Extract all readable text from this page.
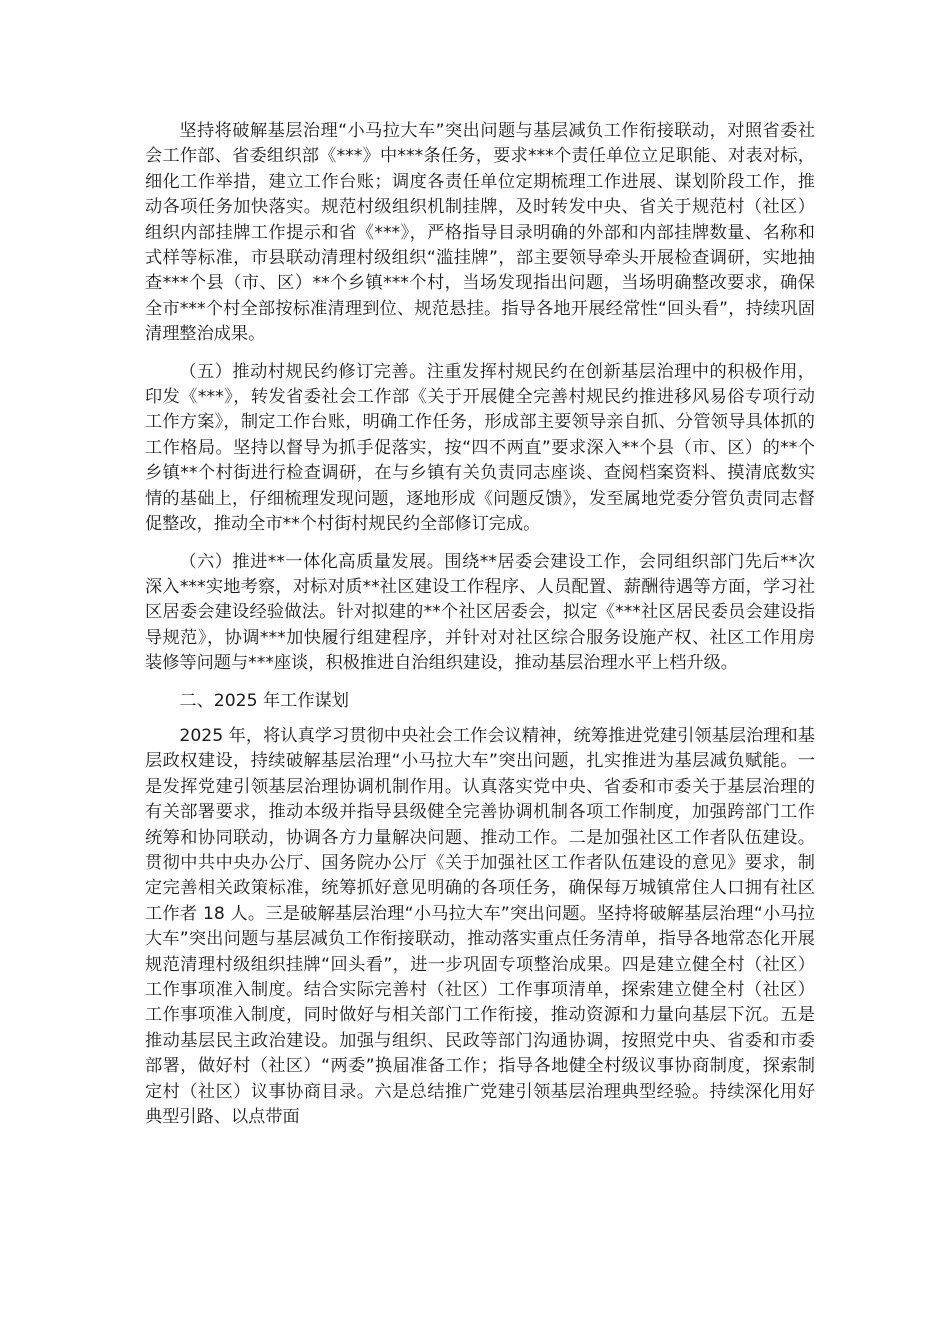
坚持将破解基层治理“小马拉大车”突出问题与基层减负工作衔接联动，对照省委社会工作部、省委组织部《***》中***条任务，要求***个责任单位立足职能、对表对标，细化工作举措，建立工作台账；调度各责任单位定期梳理工作进展、谋划阶段工作，推动各项任务加快落实。规范村级组织机制挂牌，及时转发中央、省关于规范村（社区）组织内部挂牌工作提示和省《***》，严格指导目录明确的外部和内部挂牌数量、名称和式样等标准，市县联动清理村级组织“滥挂牌”，部主要领导牵头开展检查调研，实地抽查***个县（市、区）**个乡镇***个村，当场发现指出问题，当场明确整改要求，确保全市***个村全部按标准清理到位、规范悬挂。指导各地开展经常性“回头看”，持续巩固清理整治成果。

（五）推动村规民约修订完善。注重发挥村规民约在创新基层治理中的积极作用，印发《***》，转发省委社会工作部《关于开展健全完善村规民约推进移风易俗专项行动工作方案》，制定工作台账，明确工作任务，形成部主要领导亲自抓、分管领导具体抓的工作格局。坚持以督导为抓手促落实，按“四不两直”要求深入**个县（市、区）的**个乡镇**个村街进行检查调研，在与乡镇有关负责同志座谈、查阅档案资料、摸清底数实情的基础上，仔细梳理发现问题，逐地形成《问题反馈》，发至属地党委分管负责同志督促整改，推动全市**个村街村规民约全部修订完成。

（六）推进**一体化高质量发展。围绕**居委会建设工作，会同组织部门先后**次深入***实地考察，对标对质**社区建设工作程序、人员配置、薪酬待遇等方面，学习社区居委会建设经验做法。针对拟建的**个社区居委会，拟定《***社区居民委员会建设指导规范》，协调***加快履行组建程序，并针对对社区综合服务设施产权、社区工作用房装修等问题与***座谈，积极推进自治组织建设，推动基层治理水平上档升级。

二、2025 年工作谋划

2025 年，将认真学习贯彻中央社会工作会议精神，统筹推进党建引领基层治理和基层政权建设，持续破解基层治理“小马拉大车”突出问题，扎实推进为基层减负赋能。一是发挥党建引领基层治理协调机制作用。认真落实党中央、省委和市委关于基层治理的有关部署要求，推动本级并指导县级健全完善协调机制各项工作制度，加强跨部门工作统筹和协同联动，协调各方力量解决问题、推动工作。二是加强社区工作者队伍建设。贯彻中共中央办公厅、国务院办公厅《关于加强社区工作者队伍建设的意见》要求，制定完善相关政策标准，统筹抓好意见明确的各项任务，确保每万城镇常住人口拥有社区工作者 18 人。三是破解基层治理“小马拉大车”突出问题。坚持将破解基层治理“小马拉大车”突出问题与基层减负工作衔接联动，推动落实重点任务清单，指导各地常态化开展规范清理村级组织挂牌“回头看”，进一步巩固专项整治成果。四是建立健全村（社区）工作事项准入制度。结合实际完善村（社区）工作事项清单，探索建立健全村（社区）工作事项准入制度，同时做好与相关部门工作衔接，推动资源和力量向基层下沉。五是推动基层民主政治建设。加强与组织、民政等部门沟通协调，按照党中央、省委和市委部署，做好村（社区）“两委”换届准备工作；指导各地健全村级议事协商制度，探索制定村（社区）议事协商目录。六是总结推广党建引领基层治理典型经验。持续深化用好典型引路、以点带面
